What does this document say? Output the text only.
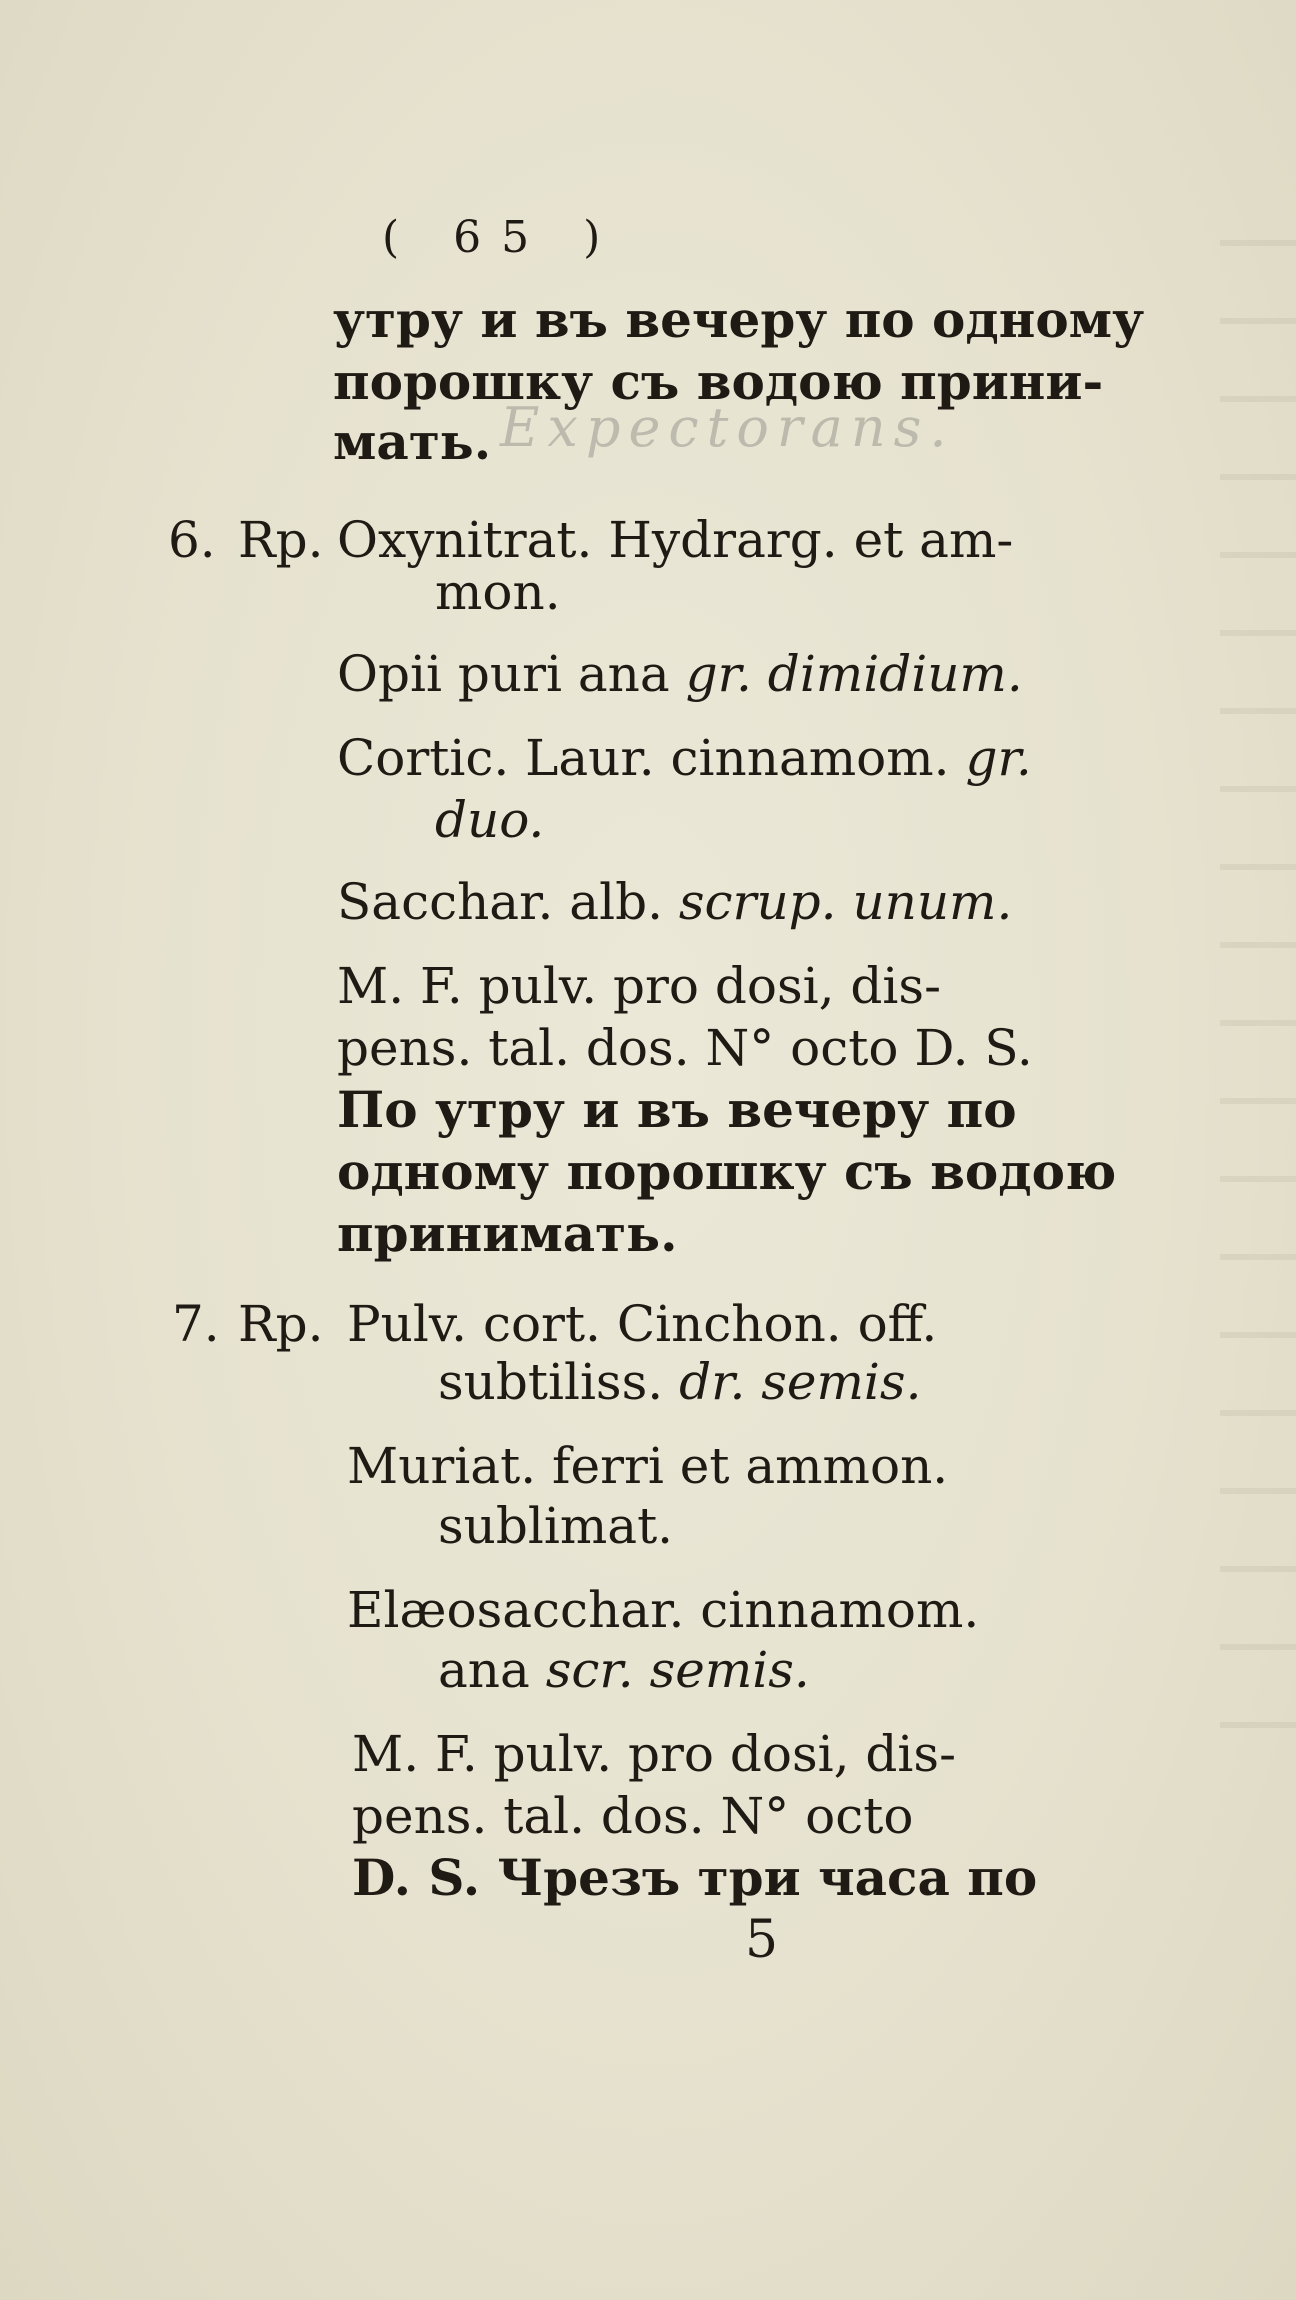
( 65 )
Expectorans.
утру и въ вечеру по одному
порошку съ водою прини-
мать.
6. Rp. Oxynitrat. Hydrarg. et am-
mon.
Opii puri ana gr. dimidium.
Cortic. Laur. cinnamom. gr.
duo.
Sacchar. alb. scrup. unum.
M. F. pulv. pro dosi, dis-
pens. tal. dos. N° octo D. S.
По утру и въ вечеру по
одному порошку съ водою
принимать.
7. Rp. Pulv. cort. Cinchon. off.
subtiliss. dr. semis.
Muriat. ferri et ammon.
sublimat.
Elæosacchar. cinnamom.
ana scr. semis.
M. F. pulv. pro dosi, dis-
pens. tal. dos. N° octo
D. S. Чрезъ три часа по
5
